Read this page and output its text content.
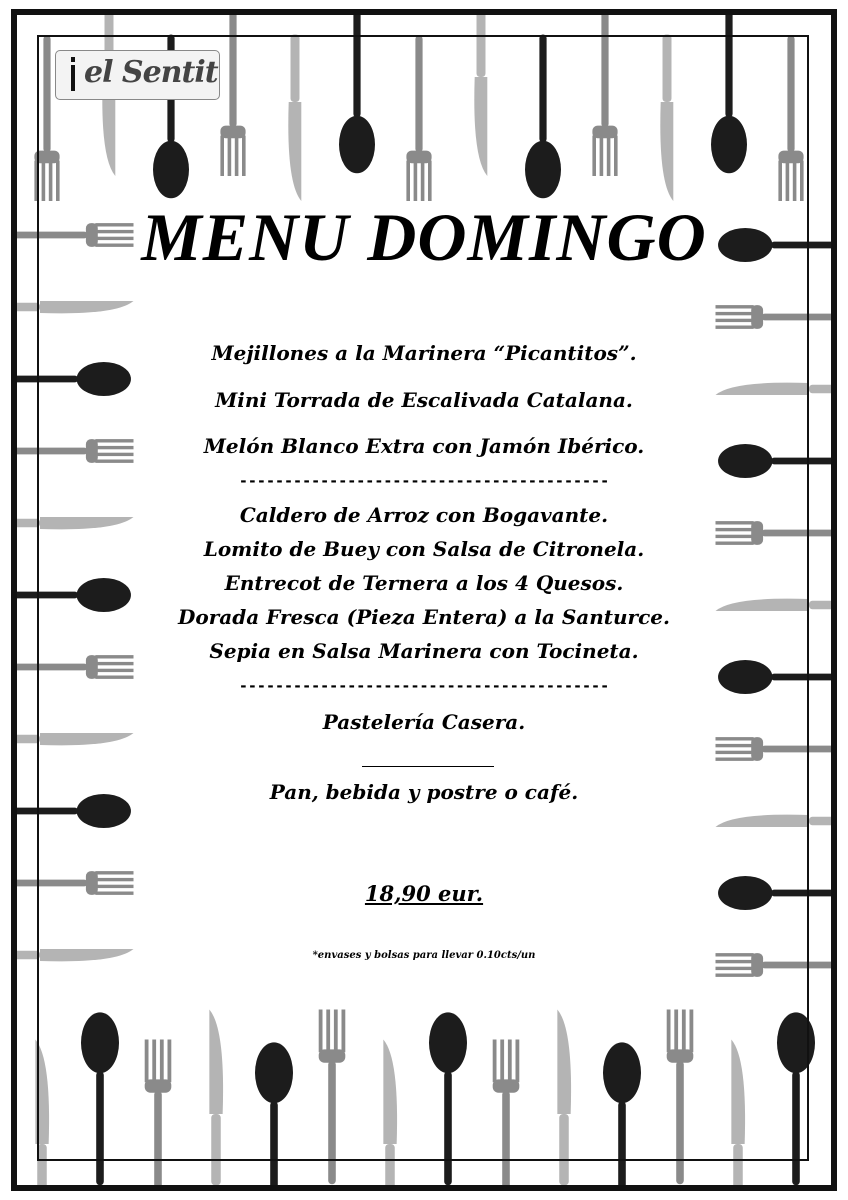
el Sentit
MENU DOMINGO
Mejillones a la Marinera “Picantitos”.
Mini Torrada de Escalivada Catalana.
Melón Blanco Extra con Jamón Ibérico.
-----------------------------------------
Caldero de Arroz con Bogavante.
Lomito de Buey con Salsa de Citronela.
Entrecot de Ternera a los 4 Quesos.
Dorada Fresca (Pieza Entera) a la Santurce.
Sepia en Salsa Marinera con Tocineta.
-----------------------------------------
Pastelería Casera.
Pan, bebida y postre o café.
18,90 eur.
*envases y bolsas para llevar 0.10cts/un
